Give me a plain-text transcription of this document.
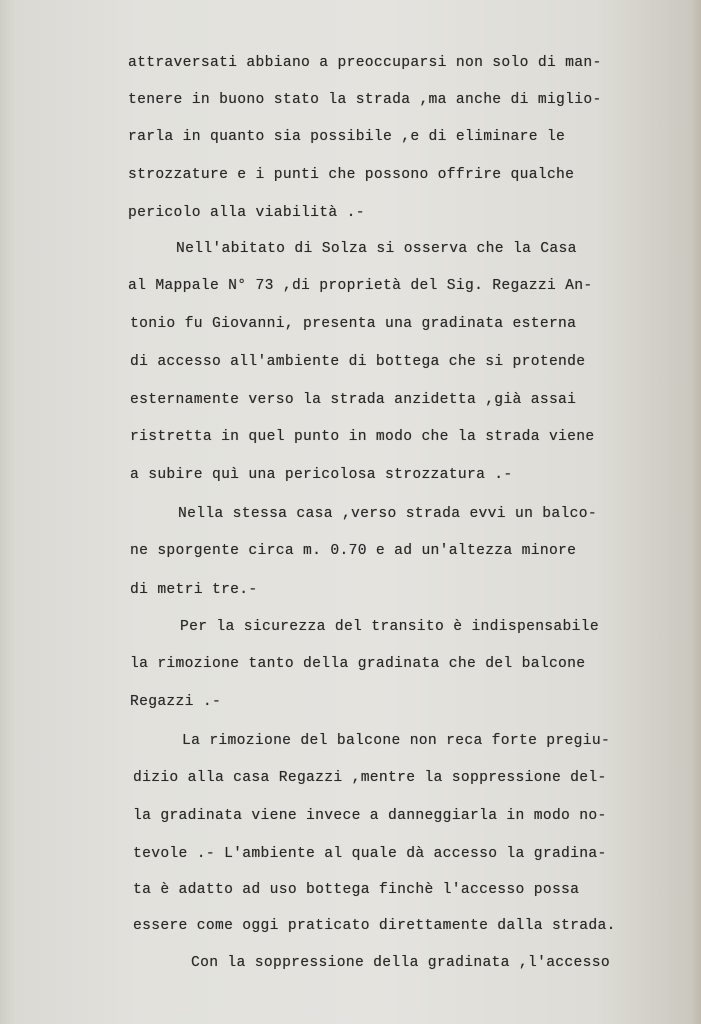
attraversati abbiano a preoccuparsi non solo di man-

tenere in buono stato la strada ,ma anche di miglio-

rarla in quanto sia possibile ,e di eliminare le

strozzature e i punti che possono offrire qualche

pericolo alla viabilità .-

Nell'abitato di Solza si osserva che la Casa

al Mappale N° 73 ,di proprietà del Sig. Regazzi An-

tonio fu Giovanni, presenta una gradinata esterna

di accesso all'ambiente di bottega che si protende

esternamente verso la strada anzidetta ,già assai

ristretta in quel punto in modo che la strada viene

a subire quì una pericolosa strozzatura .-

Nella stessa casa ,verso strada evvi un balco-

ne sporgente circa m. 0.70 e ad un'altezza minore

di metri tre.-

Per la sicurezza del transito è indispensabile

la rimozione tanto della gradinata che del balcone

Regazzi .-

La rimozione del balcone non reca forte pregiu-

dizio alla casa Regazzi ,mentre la soppressione del-

la gradinata viene invece a danneggiarla in modo no-

tevole .- L'ambiente al quale dà accesso la gradina-

ta è adatto ad uso bottega finchè l'accesso possa

essere come oggi praticato direttamente dalla strada.

Con la soppressione della gradinata ,l'accesso
